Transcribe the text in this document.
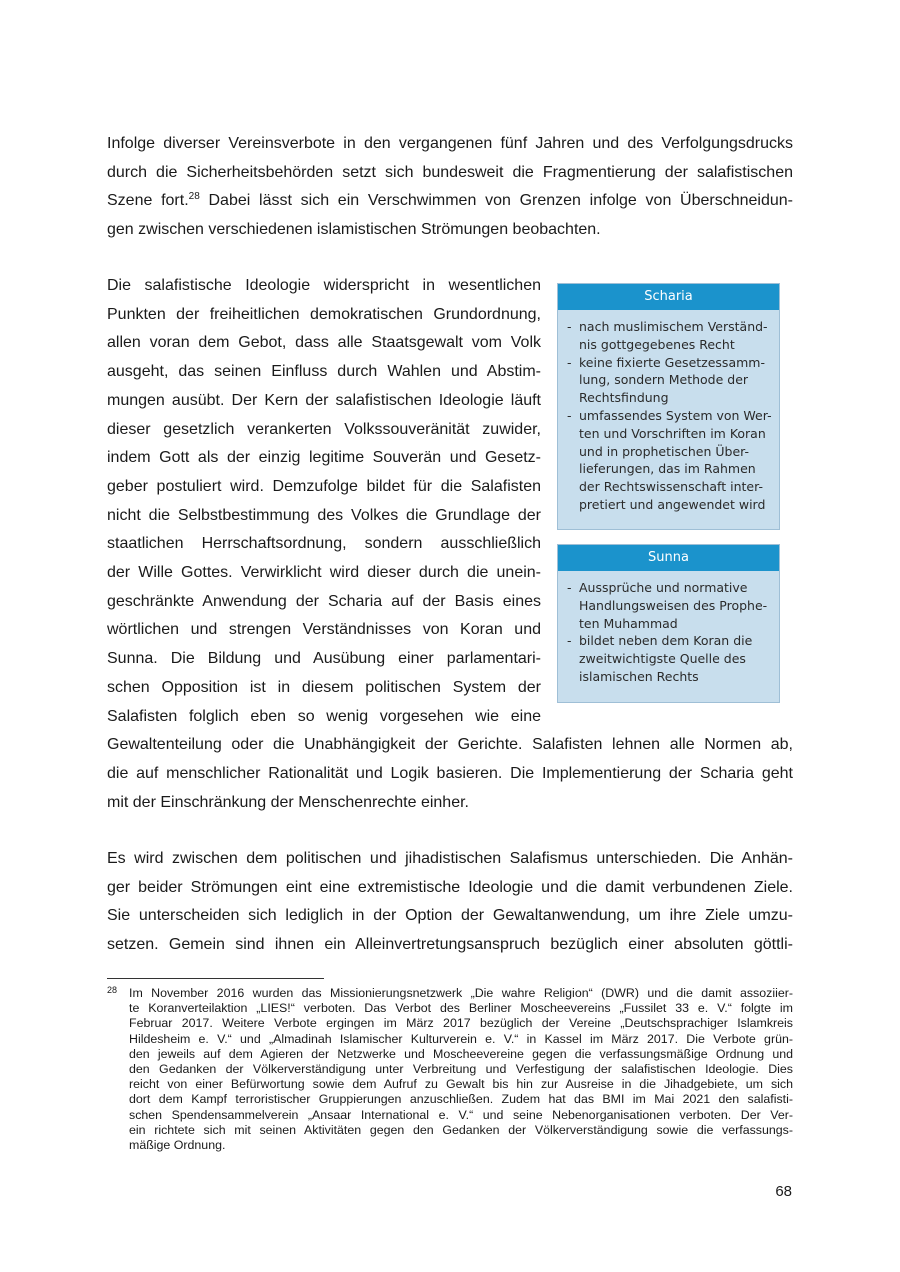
Infolge diverser Vereinsverbote in den vergangenen fünf Jahren und des Verfolgungsdrucks
durch die Sicherheitsbehörden setzt sich bundesweit die Fragmentierung der salafistischen
Szene fort.$^{28}$ Dabei lässt sich ein Verschwimmen von Grenzen infolge von Überschneidun-
gen zwischen verschiedenen islamistischen Strömungen beobachten.
Die salafistische Ideologie widerspricht in wesentlichen
Punkten der freiheitlichen demokratischen Grundordnung,
allen voran dem Gebot, dass alle Staatsgewalt vom Volk
ausgeht, das seinen Einfluss durch Wahlen und Abstim-
mungen ausübt. Der Kern der salafistischen Ideologie läuft
dieser gesetzlich verankerten Volkssouveränität zuwider,
indem Gott als der einzig legitime Souverän und Gesetz-
geber postuliert wird. Demzufolge bildet für die Salafisten
nicht die Selbstbestimmung des Volkes die Grundlage der
staatlichen Herrschaftsordnung, sondern ausschließlich
der Wille Gottes. Verwirklicht wird dieser durch die unein-
geschränkte Anwendung der Scharia auf der Basis eines
wörtlichen und strengen Verständnisses von Koran und
Sunna. Die Bildung und Ausübung einer parlamentari-
schen Opposition ist in diesem politischen System der
Salafisten folglich eben so wenig vorgesehen wie eine
Gewaltenteilung oder die Unabhängigkeit der Gerichte. Salafisten lehnen alle Normen ab,
die auf menschlicher Rationalität und Logik basieren. Die Implementierung der Scharia geht
mit der Einschränkung der Menschenrechte einher.
Scharia
- nach muslimischem Verständ-
nis gottgegebenes Recht
- keine fixierte Gesetzessamm-
lung, sondern Methode der
Rechtsfindung
- umfassendes System von Wer-
ten und Vorschriften im Koran
und in prophetischen Über-
lieferungen, das im Rahmen
der Rechtswissenschaft inter-
pretiert und angewendet wird
Sunna
- Aussprüche und normative
Handlungsweisen des Prophe-
ten Muhammad
- bildet neben dem Koran die
zweitwichtigste Quelle des
islamischen Rechts
Es wird zwischen dem politischen und jihadistischen Salafismus unterschieden. Die Anhän-
ger beider Strömungen eint eine extremistische Ideologie und die damit verbundenen Ziele.
Sie unterscheiden sich lediglich in der Option der Gewaltanwendung, um ihre Ziele umzu-
setzen. Gemein sind ihnen ein Alleinvertretungsanspruch bezüglich einer absoluten göttli-
28 Im November 2016 wurden das Missionierungsnetzwerk „Die wahre Religion“ (DWR) und die damit assoziier-
te Koranverteilaktion „LIES!“ verboten. Das Verbot des Berliner Moscheevereins „Fussilet 33 e. V.“ folgte im
Februar 2017. Weitere Verbote ergingen im März 2017 bezüglich der Vereine „Deutschsprachiger Islamkreis
Hildesheim e. V.“ und „Almadinah Islamischer Kulturverein e. V.“ in Kassel im März 2017. Die Verbote grün-
den jeweils auf dem Agieren der Netzwerke und Moscheevereine gegen die verfassungsmäßige Ordnung und
den Gedanken der Völkerverständigung unter Verbreitung und Verfestigung der salafistischen Ideologie. Dies
reicht von einer Befürwortung sowie dem Aufruf zu Gewalt bis hin zur Ausreise in die Jihadgebiete, um sich
dort dem Kampf terroristischer Gruppierungen anzuschließen. Zudem hat das BMI im Mai 2021 den salafisti-
schen Spendensammelverein „Ansaar International e. V.“ und seine Nebenorganisationen verboten. Der Ver-
ein richtete sich mit seinen Aktivitäten gegen den Gedanken der Völkerverständigung sowie die verfassungs-
mäßige Ordnung.
68
